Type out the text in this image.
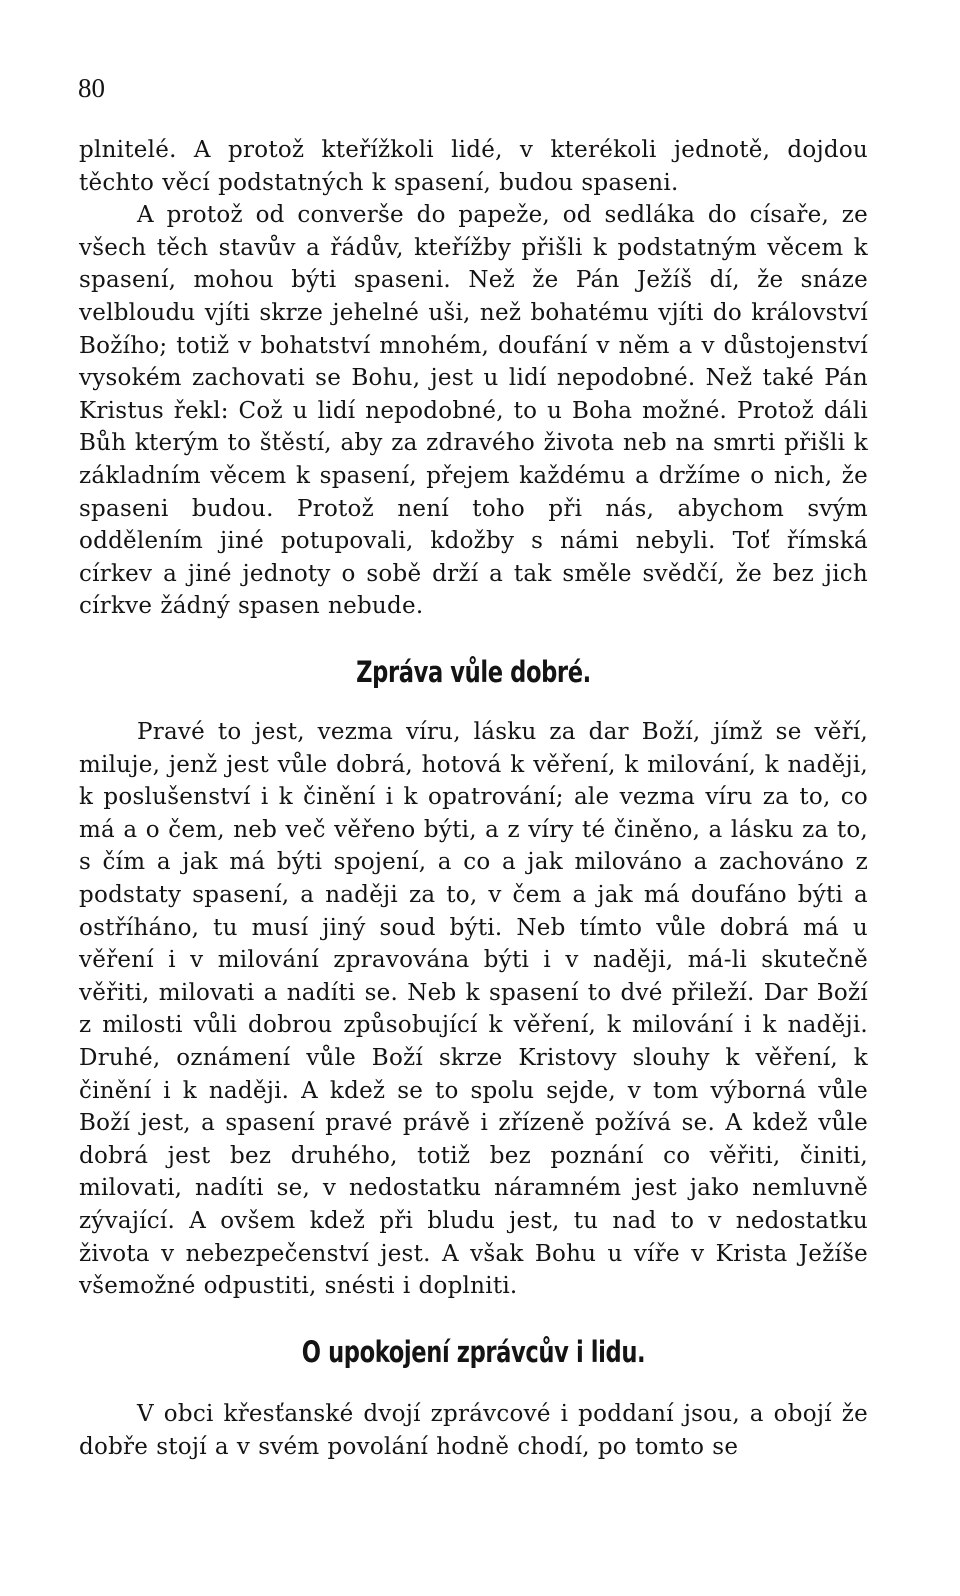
80

plnitelé. A protož kteřížkoli lidé, v kterékoli jednotě, dojdou těchto věcí podstatných k spasení, budou spaseni.

A protož od converše do papeže, od sedláka do císaře, ze všech těch stavův a řádův, kteřížby přišli k podstatným věcem k spasení, mohou býti spaseni. Než že Pán Ježíš dí, že snáze velbloudu vjíti skrze jehelné uši, než bohatému vjíti do království Božího; totiž v bohatství mnohém, doufání v něm a v důstojenství vysokém zachovati se Bohu, jest u lidí nepodobné. Než také Pán Kristus řekl: Což u lidí nepodobné, to u Boha možné. Protož dáli Bůh kterým to štěstí, aby za zdravého života neb na smrti přišli k základním věcem k spasení, přejem každému a držíme o nich, že spaseni budou. Protož není toho při nás, abychom svým oddělením jiné potupovali, kdožby s námi nebyli. Toť římská církev a jiné jednoty o sobě drží a tak směle svědčí, že bez jich církve žádný spasen nebude.

Zpráva vůle dobré.

Pravé to jest, vezma víru, lásku za dar Boží, jímž se věří, miluje, jenž jest vůle dobrá, hotová k věření, k milování, k naději, k poslušenství i k činění i k opatrování; ale vezma víru za to, co má a o čem, neb več věřeno býti, a z víry té činěno, a lásku za to, s čím a jak má býti spojení, a co a jak milováno a zachováno z podstaty spasení, a naději za to, v čem a jak má doufáno býti a ostříháno, tu musí jiný soud býti. Neb tímto vůle dobrá má u věření i v milování zpravována býti i v naději, má-li skutečně věřiti, milovati a nadíti se. Neb k spasení to dvé přileží. Dar Boží z milosti vůli dobrou způsobující k věření, k milování i k naději. Druhé, oznámení vůle Boží skrze Kristovy slouhy k věření, k činění i k naději. A kdež se to spolu sejde, v tom výborná vůle Boží jest, a spasení pravé právě i zřízeně požívá se. A kdež vůle dobrá jest bez druhého, totiž bez poznání co věřiti, činiti, milovati, nadíti se, v nedostatku náramném jest jako nemluvně zývající. A ovšem kdež při bludu jest, tu nad to v nedostatku života v nebezpečenství jest. A však Bohu u víře v Krista Ježíše všemožné odpustiti, snésti i doplniti.

O upokojení zprávcův i lidu.

V obci křesťanské dvojí zprávcové i poddaní jsou, a obojí že dobře stojí a v svém povolání hodně chodí, po tomto se
